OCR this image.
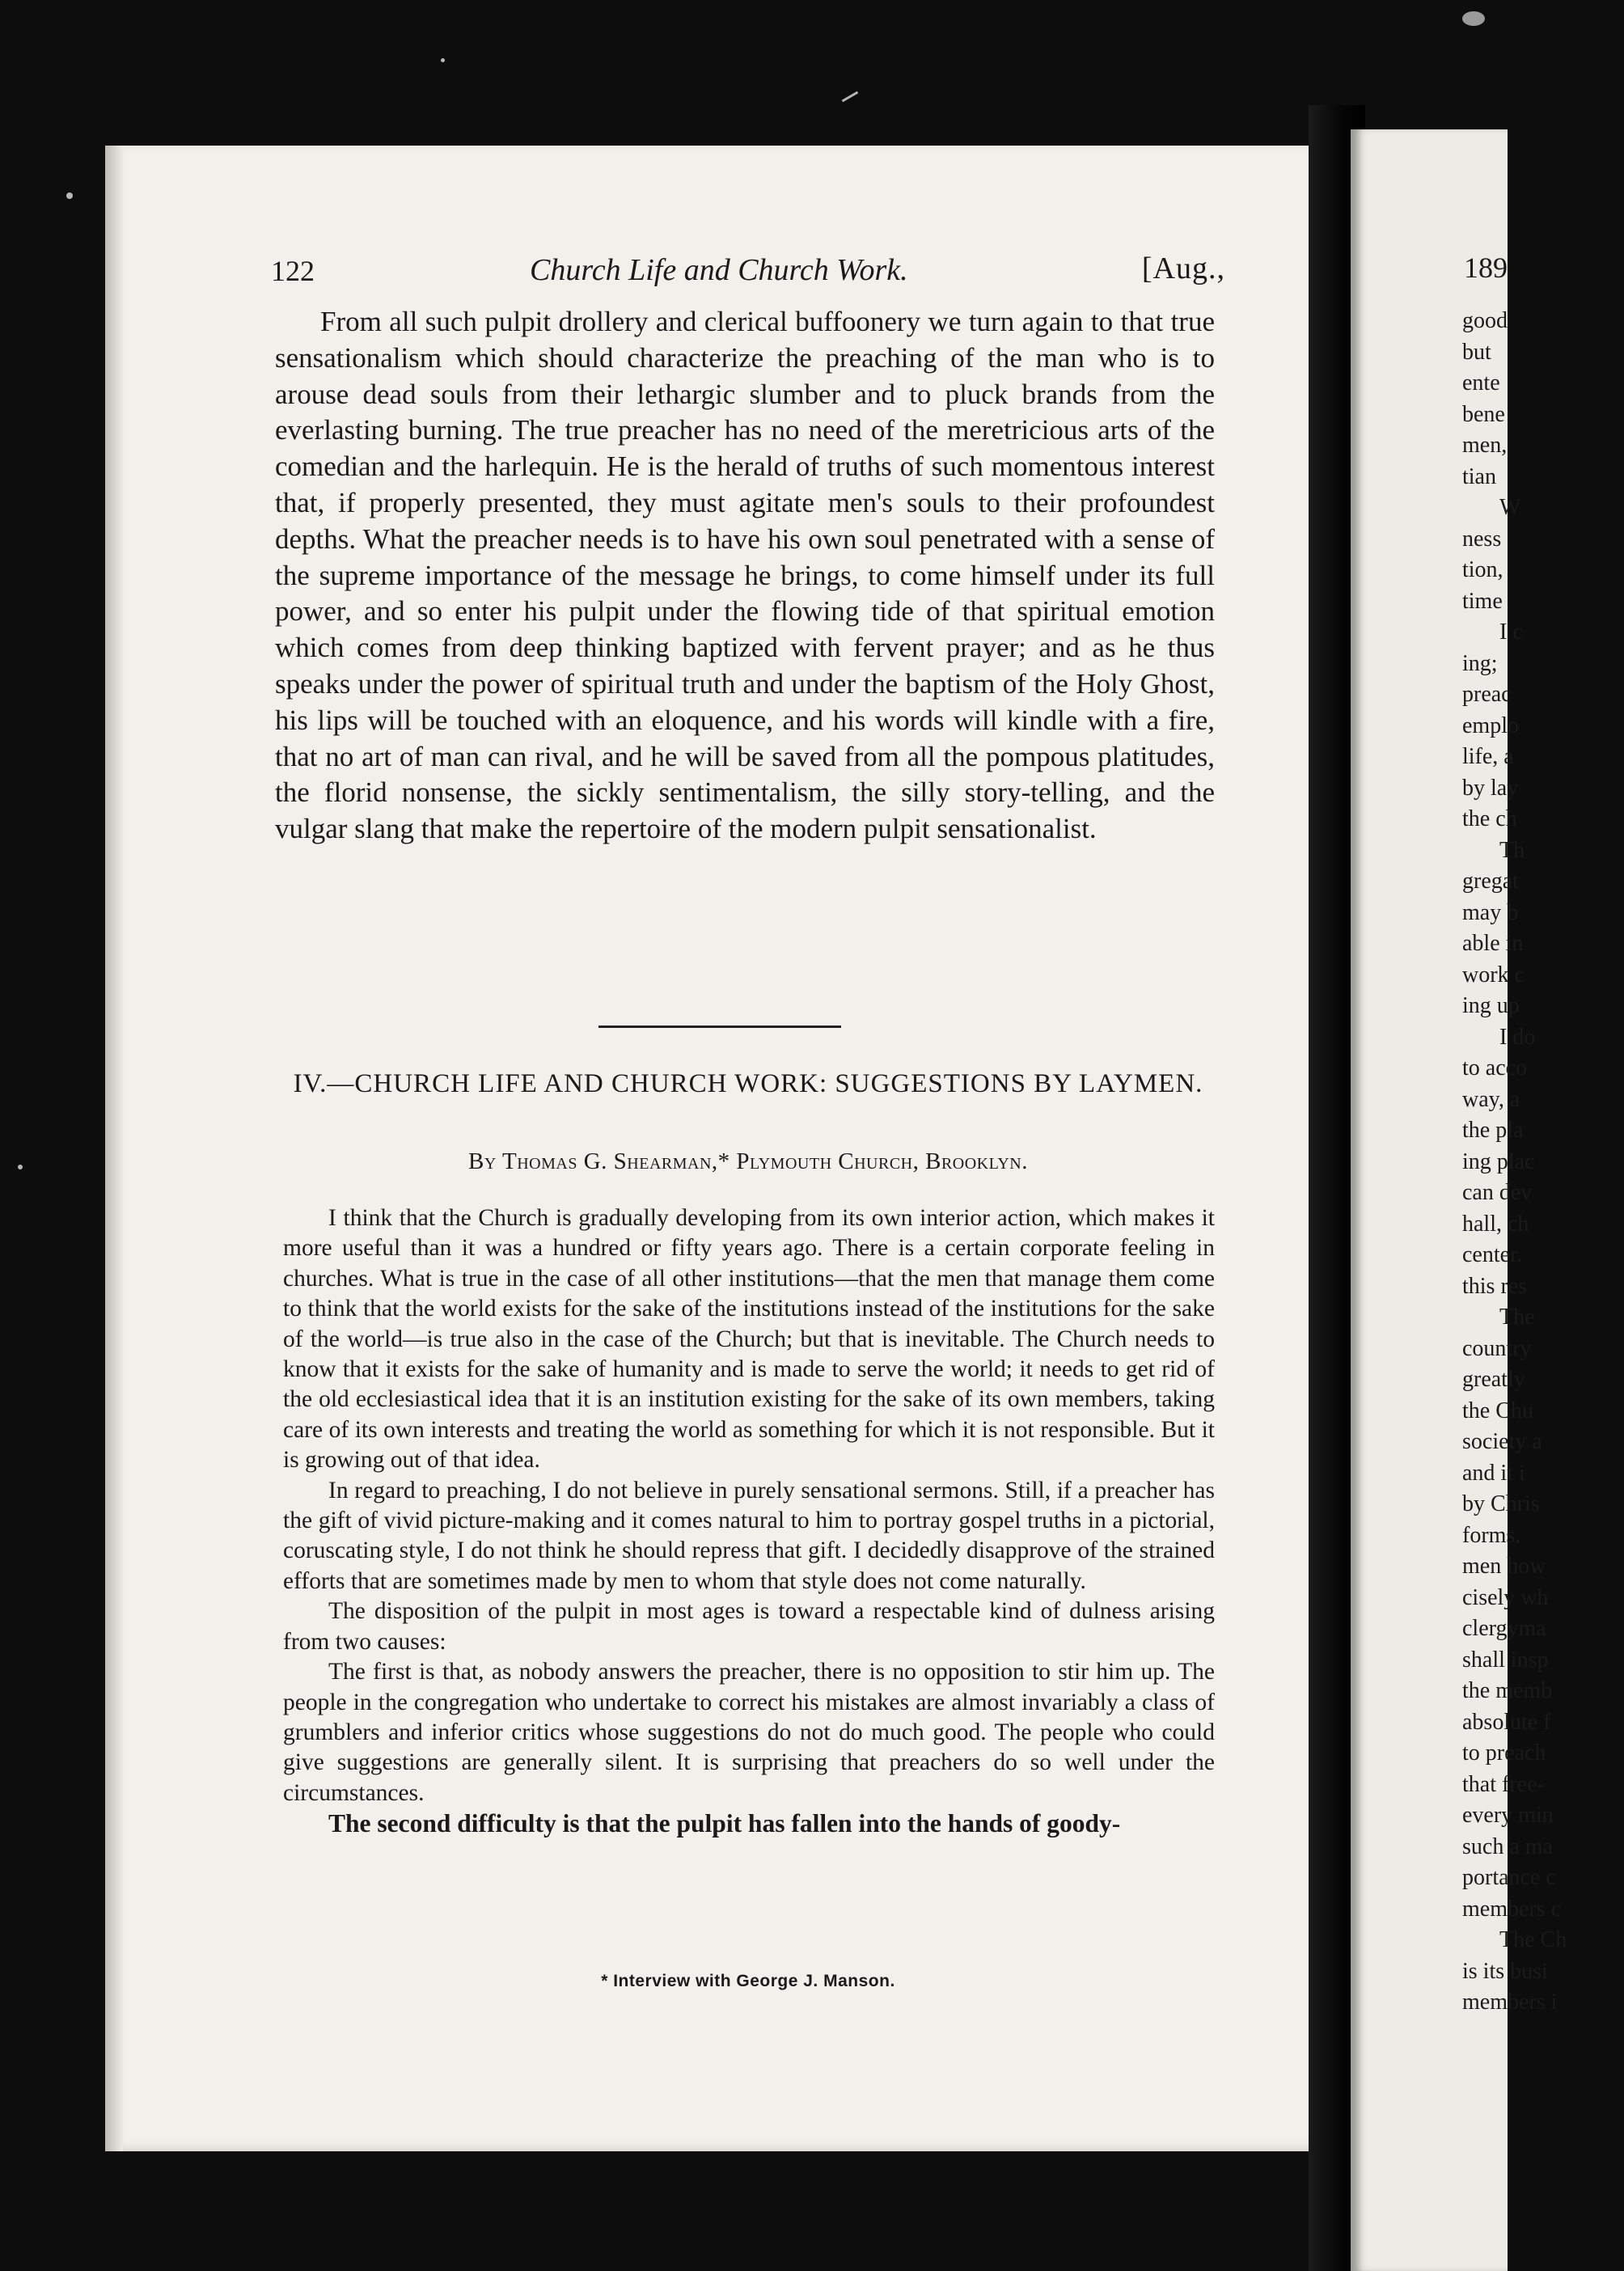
122	Church Life and Church Work.	[Aug.,

From all such pulpit drollery and clerical buffoonery we turn again to that true sensationalism which should characterize the preaching of the man who is to arouse dead souls from their lethargic slumber and to pluck brands from the everlasting burning. The true preacher has no need of the meretricious arts of the comedian and the harlequin. He is the herald of truths of such momentous interest that, if properly presented, they must agitate men's souls to their profoundest depths. What the preacher needs is to have his own soul penetrated with a sense of the supreme importance of the message he brings, to come himself under its full power, and so enter his pulpit under the flowing tide of that spiritual emotion which comes from deep thinking baptized with fervent prayer; and as he thus speaks under the power of spiritual truth and under the baptism of the Holy Ghost, his lips will be touched with an eloquence, and his words will kindle with a fire, that no art of man can rival, and he will be saved from all the pompous platitudes, the florid nonsense, the sickly sentimentalism, the silly story-telling, and the vulgar slang that make the repertoire of the modern pulpit sensationalist.

IV.—CHURCH LIFE AND CHURCH WORK: SUGGESTIONS BY LAYMEN.

By Thomas G. Shearman,* Plymouth Church, Brooklyn.

I think that the Church is gradually developing from its own interior action, which makes it more useful than it was a hundred or fifty years ago. There is a certain corporate feeling in churches. What is true in the case of all other institutions—that the men that manage them come to think that the world exists for the sake of the institutions instead of the institutions for the sake of the world—is true also in the case of the Church; but that is inevitable. The Church needs to know that it exists for the sake of humanity and is made to serve the world; it needs to get rid of the old ecclesiastical idea that it is an institution existing for the sake of its own members, taking care of its own interests and treating the world as something for which it is not responsible. But it is growing out of that idea.

In regard to preaching, I do not believe in purely sensational sermons. Still, if a preacher has the gift of vivid picture-making and it comes natural to him to portray gospel truths in a pictorial, coruscating style, I do not think he should repress that gift. I decidedly disapprove of the strained efforts that are sometimes made by men to whom that style does not come naturally.

The disposition of the pulpit in most ages is toward a respectable kind of dulness arising from two causes:

The first is that, as nobody answers the preacher, there is no opposition to stir him up. The people in the congregation who undertake to correct his mistakes are almost invariably a class of grumblers and inferior critics whose suggestions do not do much good. The people who could give suggestions are generally silent. It is surprising that preachers do so well under the circumstances.

The second difficulty is that the pulpit has fallen into the hands of goody-

* Interview with George J. Manson.

189
good
but
ente
bene
men,
tian
W
ness
tion,
time
I c
ing;
preac
emplo
life, a
by lay
the ch
Th
gregat
may b
able in
work c
ing up
I do
to acco
way, a
the pla
ing plac
can dev
hall, ch
center.
this res
The
country
greatly
the Chu
society a
and it i
by Chris
forms.
men how
cisely wh
clergyma
shall insp
the memb
absolute f
to preach
that free-
every min
such a ma
portance c
members c
The Ch
is its busi
members i
